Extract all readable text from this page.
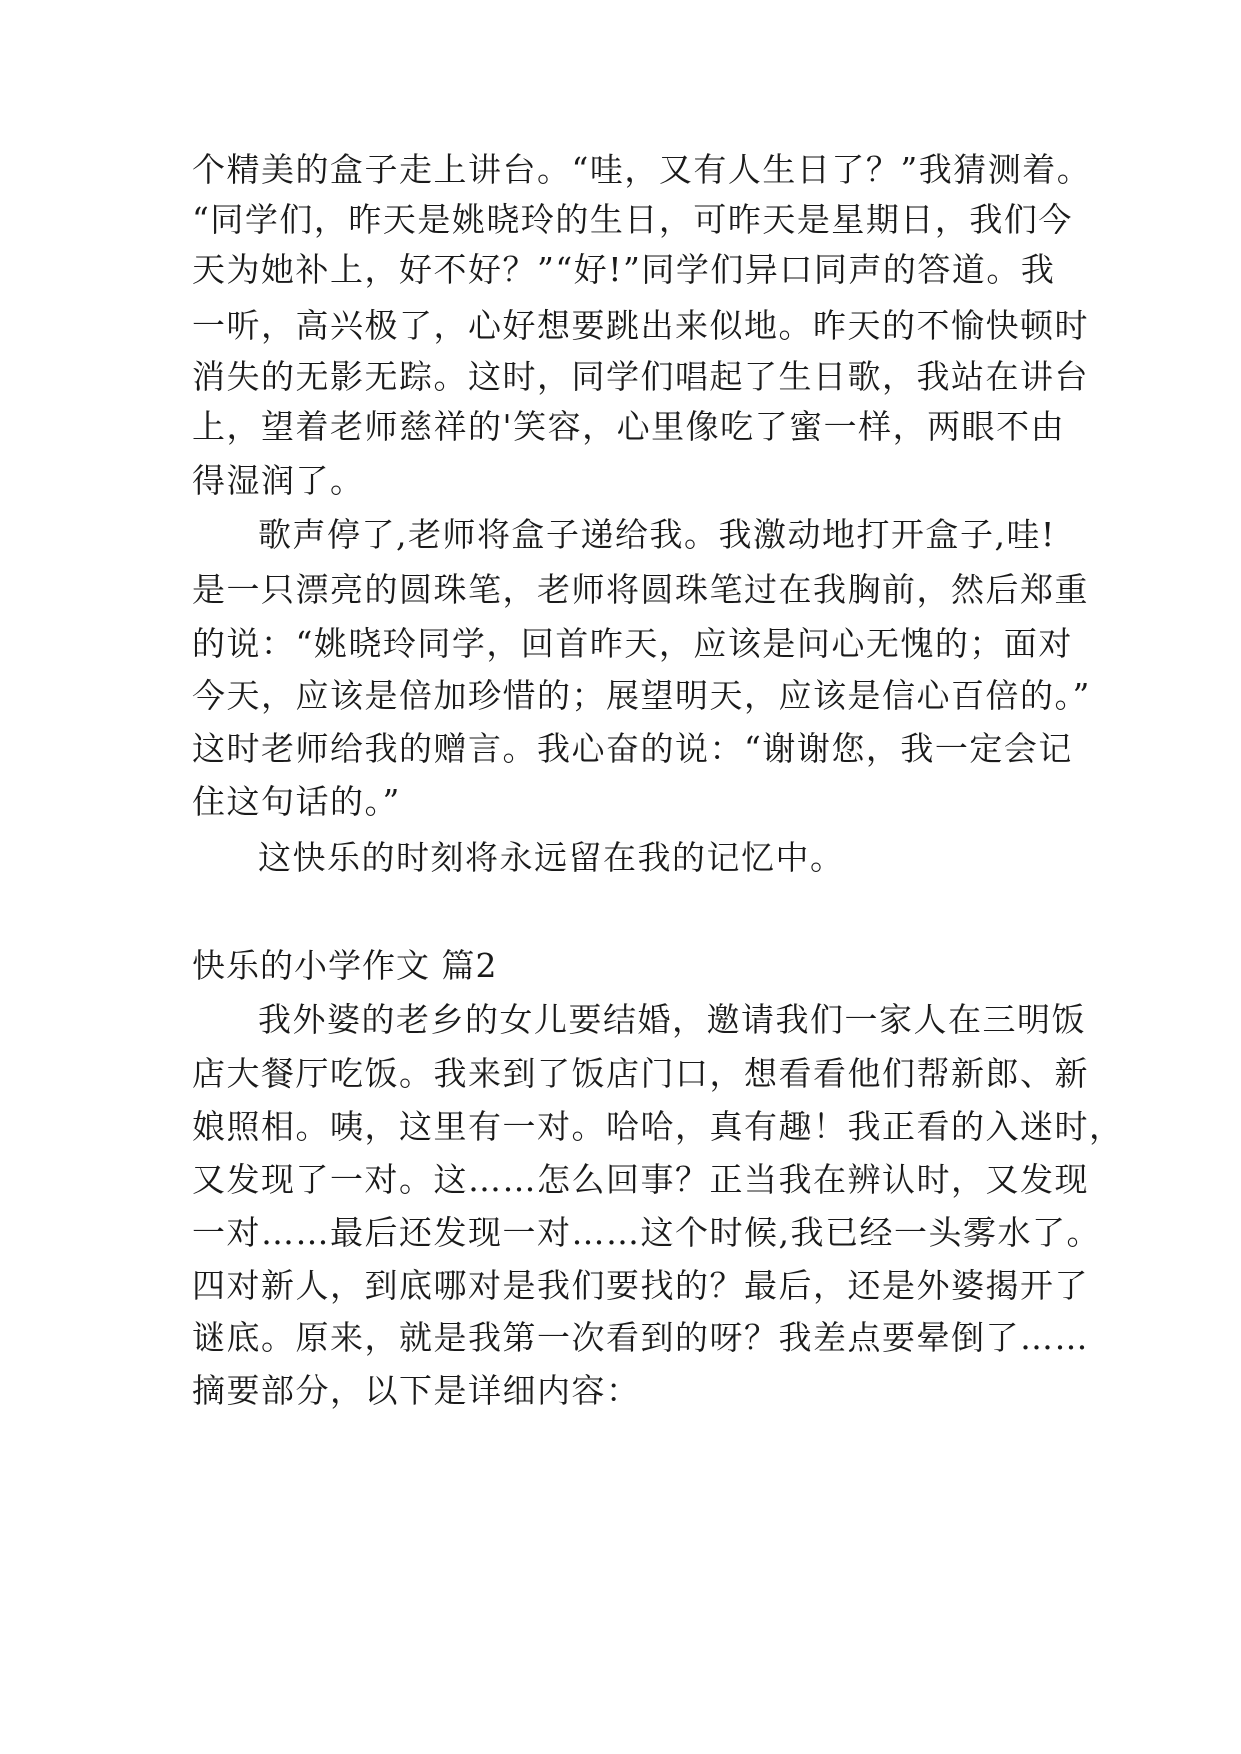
个精美的盒子走上讲台。“哇，又有人生日了？”我猜测着。
“同学们，昨天是姚晓玲的生日，可昨天是星期日，我们今
天为她补上，好不好？”“好!”同学们异口同声的答道。我
一听，高兴极了，心好想要跳出来似地。昨天的不愉快顿时
消失的无影无踪。这时，同学们唱起了生日歌，我站在讲台
上，望着老师慈祥的'笑容，心里像吃了蜜一样，两眼不由
得湿润了。
歌声停了,老师将盒子递给我。我激动地打开盒子,哇!
是一只漂亮的圆珠笔，老师将圆珠笔过在我胸前，然后郑重
的说：“姚晓玲同学，回首昨天，应该是问心无愧的；面对
今天，应该是倍加珍惜的；展望明天，应该是信心百倍的。”
这时老师给我的赠言。我心奋的说：“谢谢您，我一定会记
住这句话的。”
这快乐的时刻将永远留在我的记忆中。
快乐的小学作文 篇2
我外婆的老乡的女儿要结婚，邀请我们一家人在三明饭
店大餐厅吃饭。我来到了饭店门口，想看看他们帮新郎、新
娘照相。咦，这里有一对。哈哈，真有趣！我正看的入迷时，
又发现了一对。这……怎么回事？正当我在辨认时，又发现
一对……最后还发现一对……这个时候,我已经一头雾水了。
四对新人，到底哪对是我们要找的？最后，还是外婆揭开了
谜底。原来，就是我第一次看到的呀？我差点要晕倒了……
摘要部分，以下是详细内容：
